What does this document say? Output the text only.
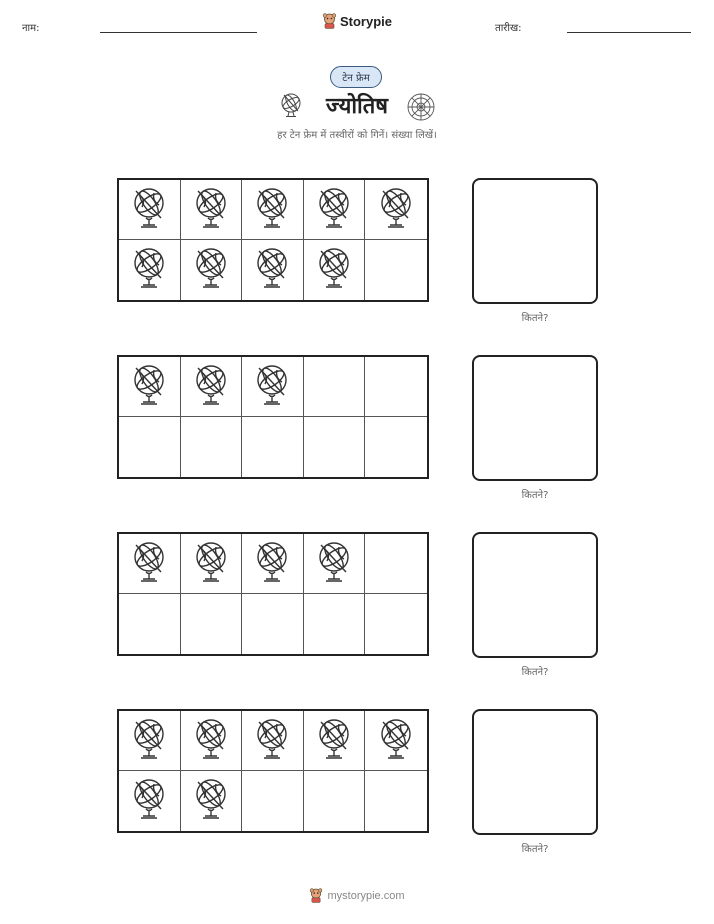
नाम:	Storypie	तारीख:
टेन फ्रेम
ज्योतिष
हर टेन फ्रेम में तस्वीरों को गिनें। संख्या लिखें।
कितने?
कितने?
कितने?
कितने?
mystorypie.com
